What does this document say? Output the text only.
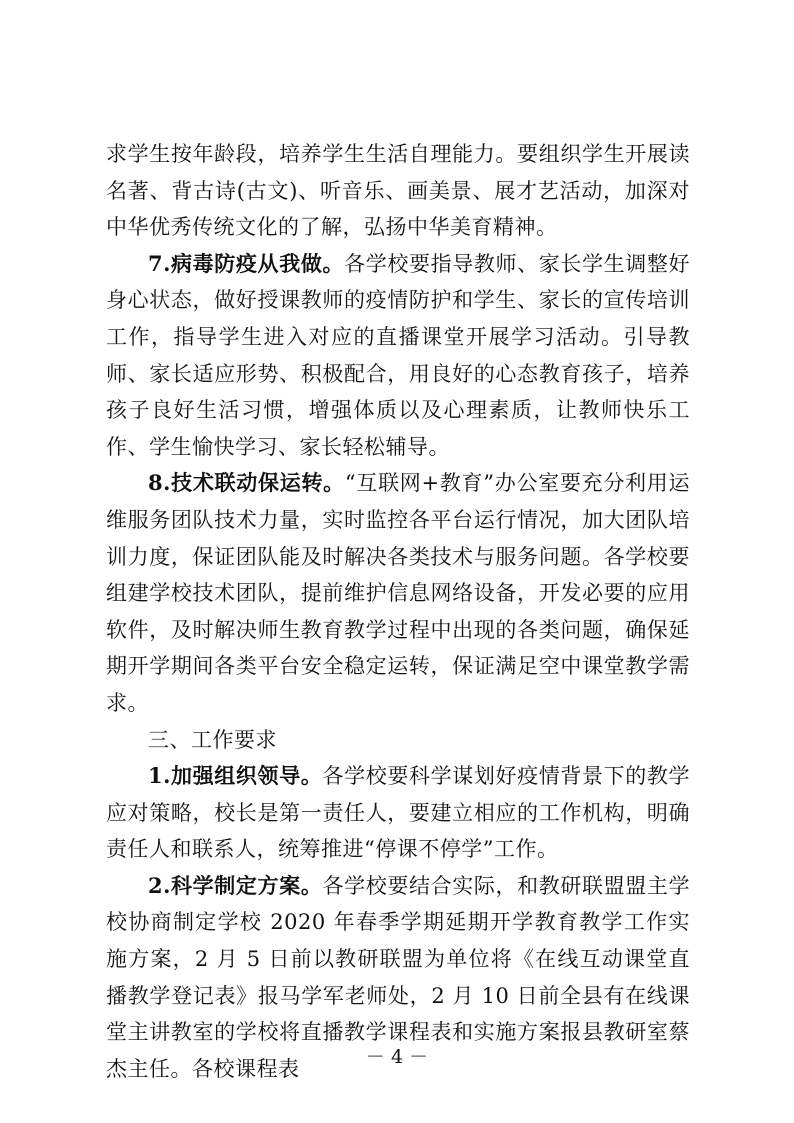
求学生按年龄段，培养学生生活自理能力。要组织学生开展读名著、背古诗(古文)、听音乐、画美景、展才艺活动，加深对中华优秀传统文化的了解，弘扬中华美育精神。

7.病毒防疫从我做。各学校要指导教师、家长学生调整好身心状态，做好授课教师的疫情防护和学生、家长的宣传培训工作，指导学生进入对应的直播课堂开展学习活动。引导教师、家长适应形势、积极配合，用良好的心态教育孩子，培养孩子良好生活习惯，增强体质以及心理素质，让教师快乐工作、学生愉快学习、家长轻松辅导。

8.技术联动保运转。“互联网+教育”办公室要充分利用运维服务团队技术力量，实时监控各平台运行情况，加大团队培训力度，保证团队能及时解决各类技术与服务问题。各学校要组建学校技术团队，提前维护信息网络设备，开发必要的应用软件，及时解决师生教育教学过程中出现的各类问题，确保延期开学期间各类平台安全稳定运转，保证满足空中课堂教学需求。

三、工作要求

1.加强组织领导。各学校要科学谋划好疫情背景下的教学应对策略，校长是第一责任人，要建立相应的工作机构，明确责任人和联系人，统筹推进“停课不停学”工作。

2.科学制定方案。各学校要结合实际，和教研联盟盟主学校协商制定学校 2020 年春季学期延期开学教育教学工作实施方案，2 月 5 日前以教研联盟为单位将《在线互动课堂直播教学登记表》报马学军老师处，2 月 10 日前全县有在线课堂主讲教室的学校将直播教学课程表和实施方案报县教研室蔡杰主任。各校课程表	－ 4 －
